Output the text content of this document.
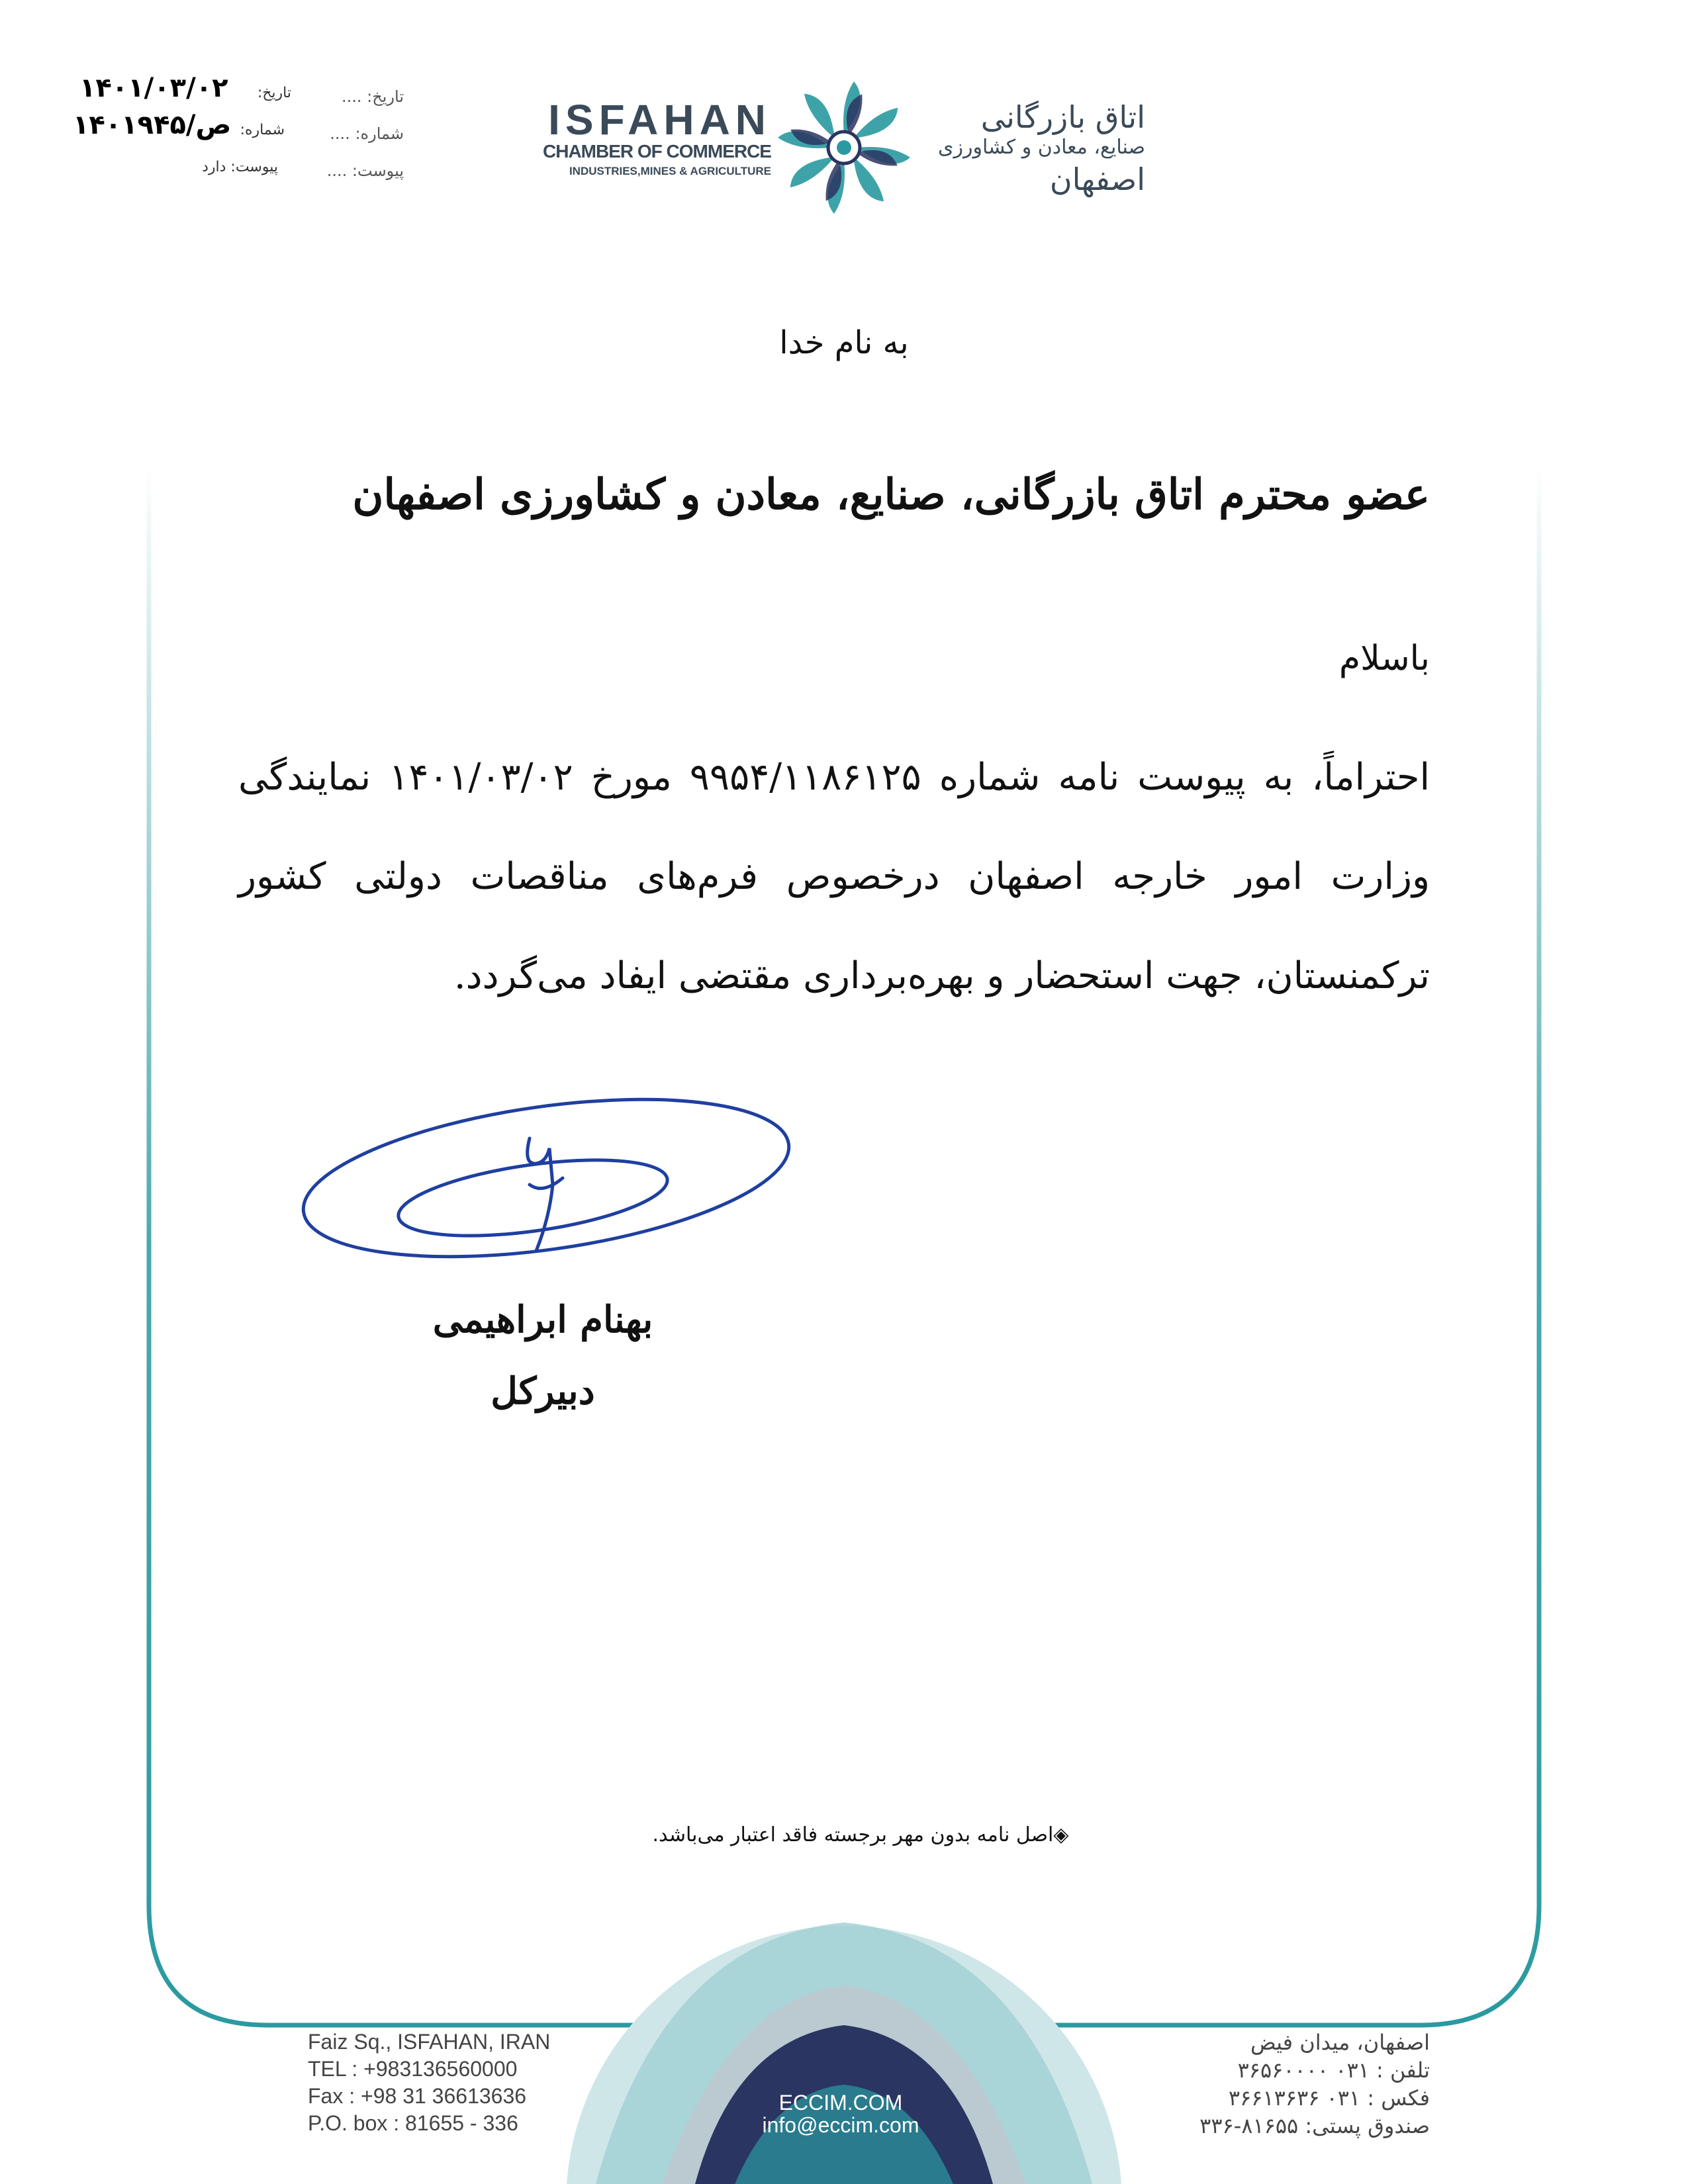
تاریخ: ....
تاریخ:
۱۴۰۱/۰۳/۰۲
شماره: ....
شماره:
۱۴۰۱ص/۹۴۵
پیوست: ....
پیوست: دارد
ISFAHAN
CHAMBER OF COMMERCE
INDUSTRIES,MINES & AGRICULTURE
اتاق بازرگانی
صنایع، معادن و کشاورزی
اصفهان
به نام خدا
عضو محترم اتاق بازرگانی، صنایع، معادن و کشاورزی اصفهان
باسلام
احتراماً، به پیوست نامه شماره ۹۹۵۴/۱۱۸۶۱۲۵ مورخ ۱۴۰۱/۰۳/۰۲ نمایندگی وزارت امور خارجه اصفهان درخصوص فرم‌های مناقصات دولتی کشور ترکمنستان، جهت استحضار و بهره‌برداری مقتضی ایفاد می‌گردد.
بهنام ابراهیمی
دبیرکل
◈اصل نامه بدون مهر برجسته فاقد اعتبار می‌باشد.
Faiz Sq., ISFAHAN, IRAN
TEL : +983136560000
Fax : +98 31 36613636
P.O. box : 81655 - 336
ECCIM.COM
info@eccim.com
اصفهان، میدان فیض
تلفن : ۰۳۱ ۳۶۵۶۰۰۰۰
فکس : ۰۳۱ ۳۶۶۱۳۶۳۶
صندوق پستی: ۸۱۶۵۵-۳۳۶
